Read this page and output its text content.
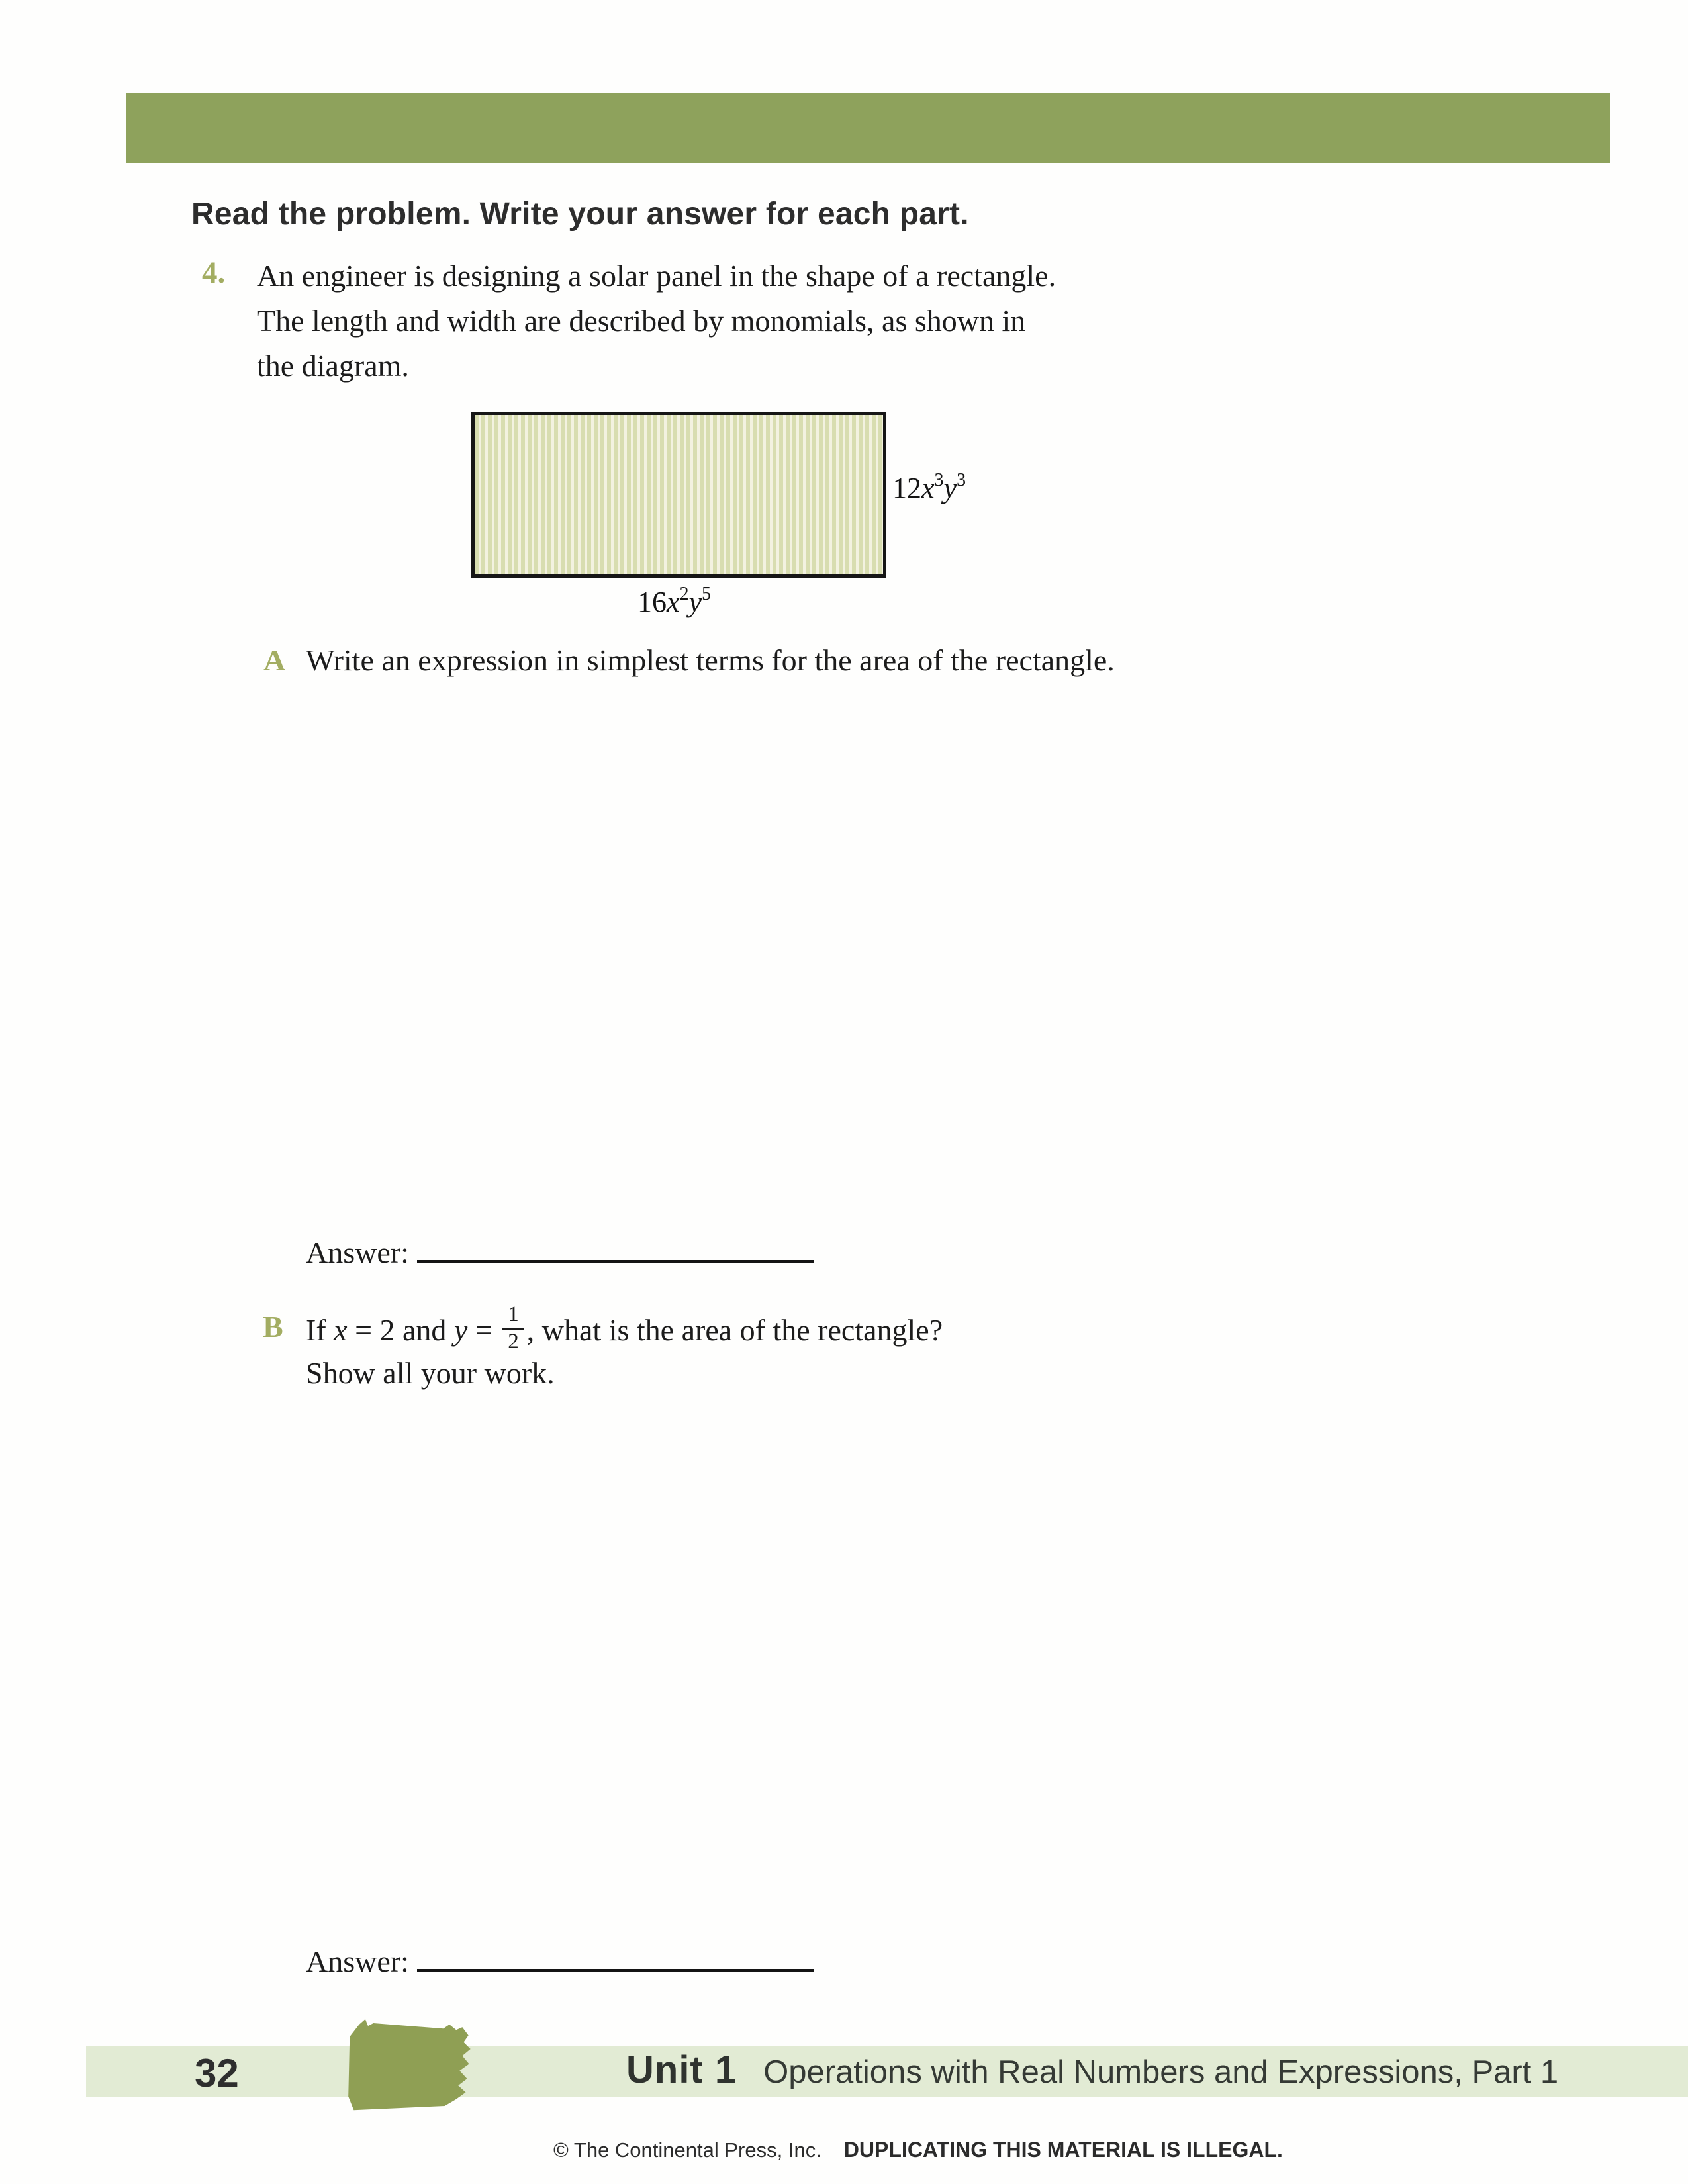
Read the problem. Write your answer for each part.
4. An engineer is designing a solar panel in the shape of a rectangle.
The length and width are described by monomials, as shown in
the diagram.
$12x^3y^3$
$16x^2y^5$
A Write an expression in simplest terms for the area of the rectangle.
Answer:
B If x = 2 and $y = \frac{1}{2}$ , what is the area of the rectangle?
Show all your work.
Answer:
32	Unit 1 Operations with Real Numbers and Expressions, Part 1
© The Continental Press, Inc. DUPLICATING THIS MATERIAL IS ILLEGAL.
